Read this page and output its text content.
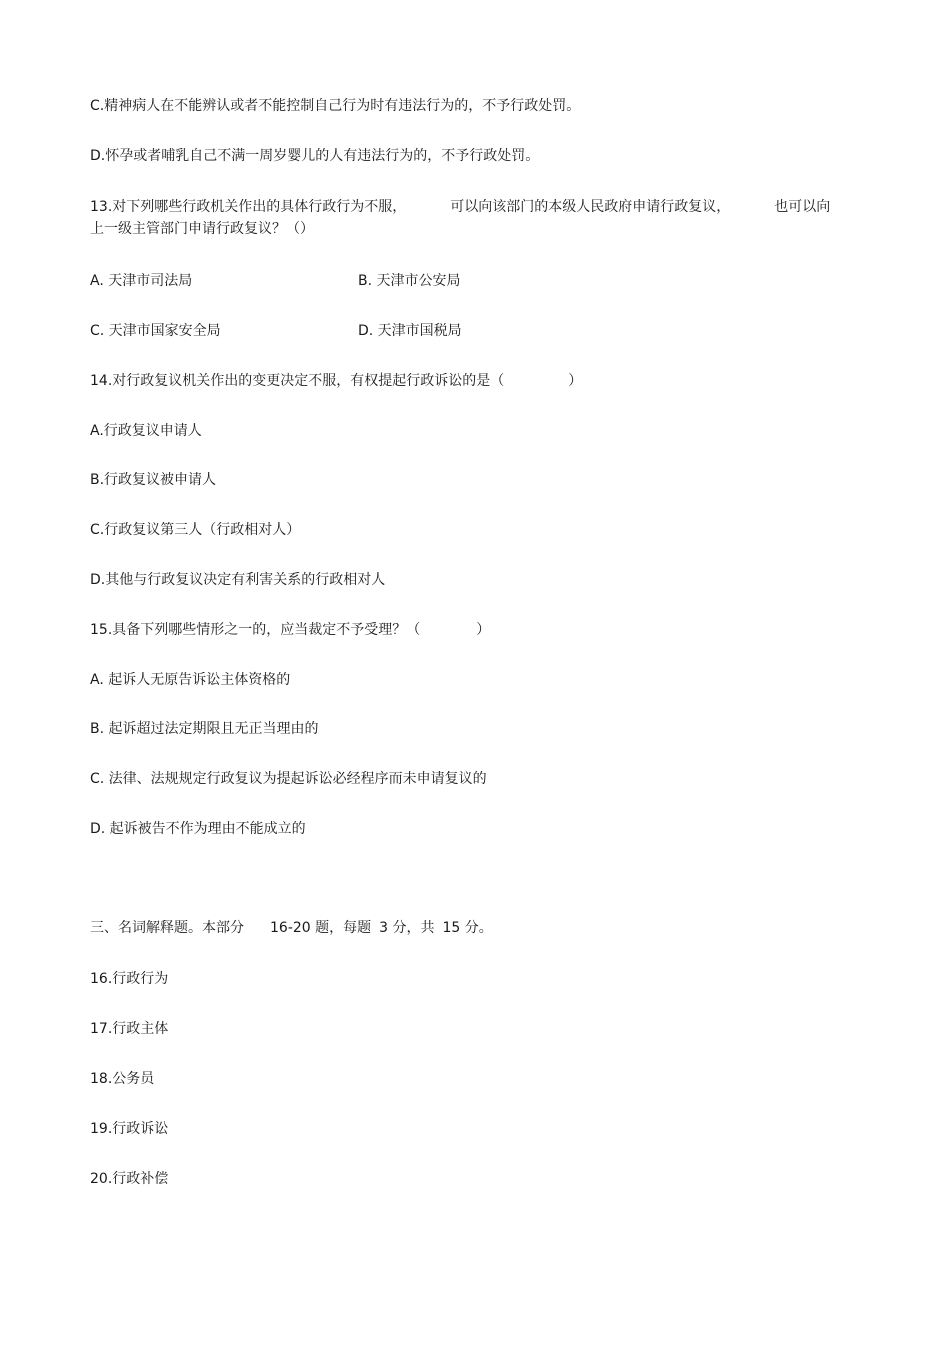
C.精神病人在不能辨认或者不能控制自己行为时有违法行为的，不予行政处罚。
D.怀孕或者哺乳自己不满一周岁婴儿的人有违法行为的，不予行政处罚。
13.对下列哪些行政机关作出的具体行政行为不服，	可以向该部门的本级人民政府申请行政复议，	也可以向
上一级主管部门申请行政复议？（）
A. 天津市司法局	B. 天津市公安局
C. 天津市国家安全局	D. 天津市国税局
14.对行政复议机关作出的变更决定不服，有权提起行政诉讼的是（	）
A.行政复议申请人
B.行政复议被申请人
C.行政复议第三人（行政相对人）
D.其他与行政复议决定有利害关系的行政相对人
15.具备下列哪些情形之一的，应当裁定不予受理？（	）
A. 起诉人无原告诉讼主体资格的
B. 起诉超过法定期限且无正当理由的
C. 法律、法规规定行政复议为提起诉讼必经程序而未申请复议的
D. 起诉被告不作为理由不能成立的
三、名词解释题。本部分 16-20 题，每题 3 分，共 15 分。
16.行政行为
17.行政主体
18.公务员
19.行政诉讼
20.行政补偿
